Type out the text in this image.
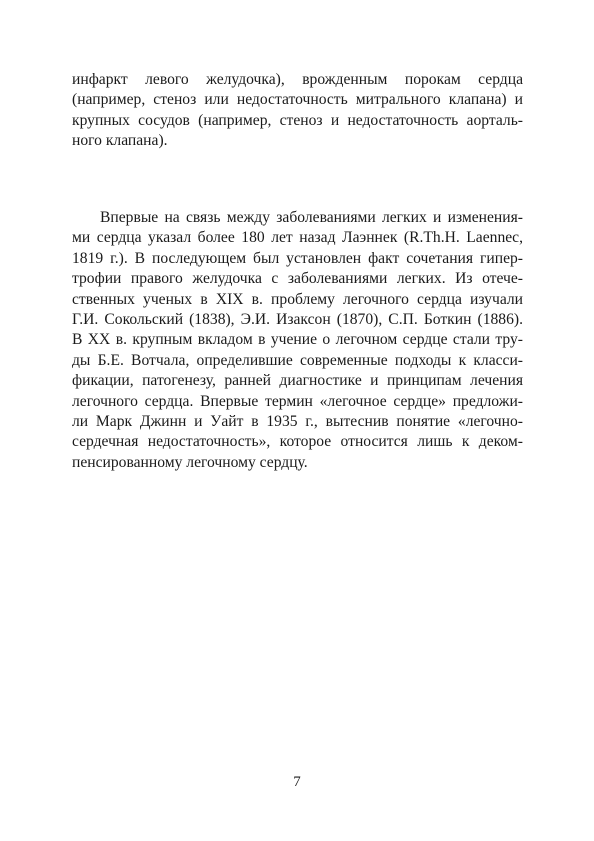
инфаркт левого желудочка), врожденным порокам сердца
(например, стеноз или недостаточность митрального клапана) и
крупных сосудов (например, стеноз и недостаточность аорталь-
ного клапана).
Впервые на связь между заболеваниями легких и изменения-
ми сердца указал более 180 лет назад Лаэннек (R.Th.H. Laennec,
1819 г.). В последующем был установлен факт сочетания гипер-
трофии правого желудочка с заболеваниями легких. Из отече-
ственных ученых в XIX в. проблему легочного сердца изучали
Г.И. Сокольский (1838), Э.И. Изаксон (1870), С.П. Боткин (1886).
В XX в. крупным вкладом в учение о легочном сердце стали тру-
ды Б.Е. Вотчала, определившие современные подходы к класси-
фикации, патогенезу, ранней диагностике и принципам лечения
легочного сердца. Впервые термин «легочное сердце» предложи-
ли Марк Джинн и Уайт в 1935 г., вытеснив понятие «легочно-
сердечная недостаточность», которое относится лишь к деком-
пенсированному легочному сердцу.
7
